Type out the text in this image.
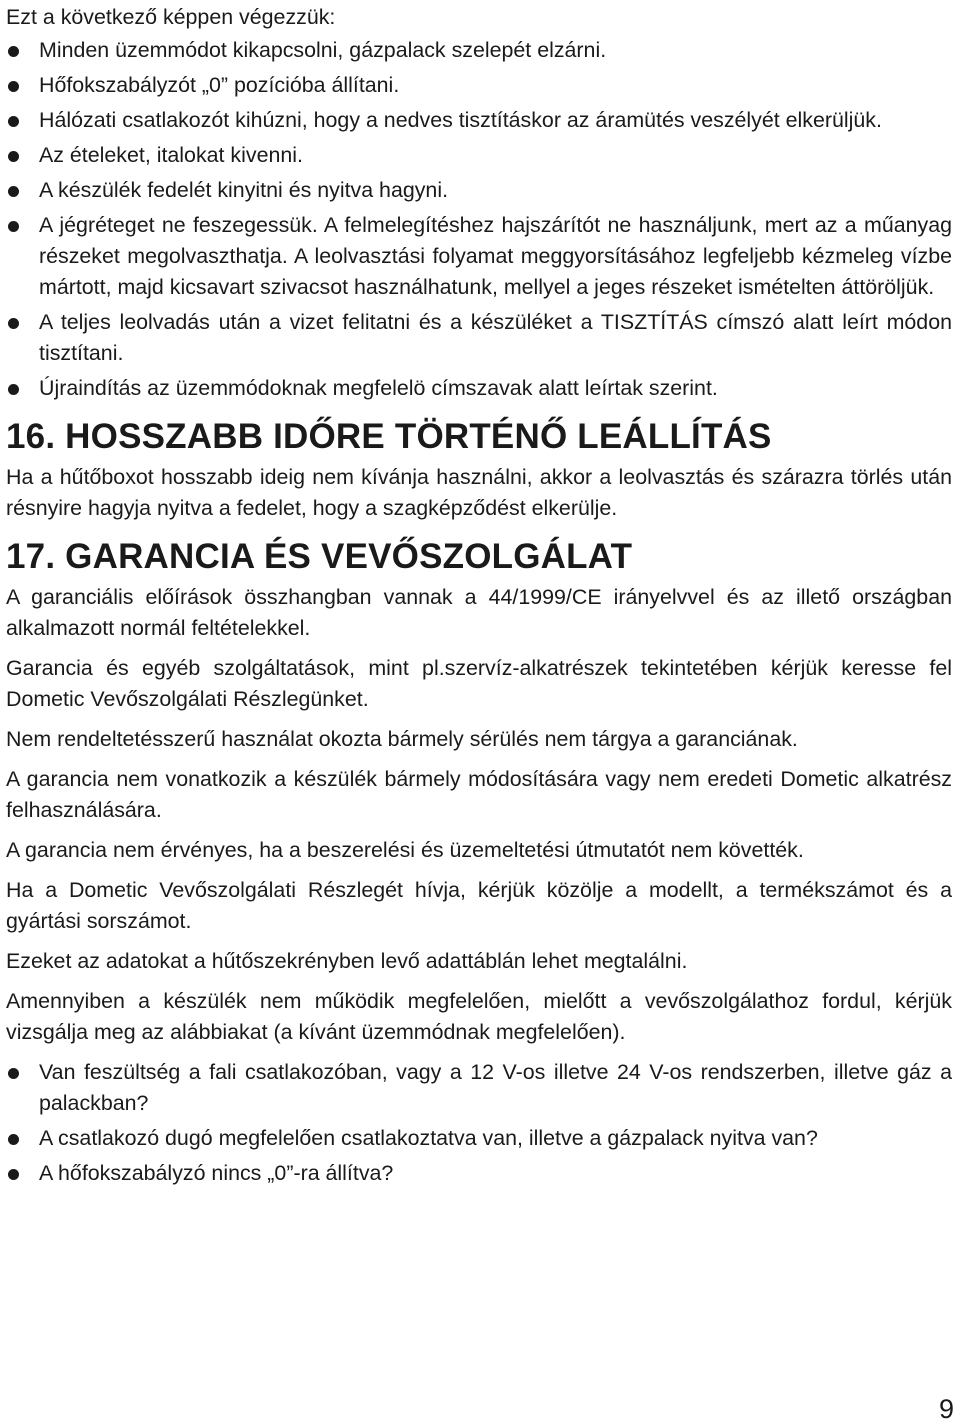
Ezt a következő képpen végezzük:

Minden üzemmódot kikapcsolni, gázpalack szelepét elzárni.
Hőfokszabályzót „0” pozícióba állítani.
Hálózati csatlakozót kihúzni, hogy a nedves tisztításkor az áramütés veszélyét elkerüljük.
Az ételeket, italokat kivenni.
A készülék fedelét kinyitni és nyitva hagyni.
A jégréteget ne feszegessük. A felmelegítéshez hajszárítót ne használjunk, mert az a műanyag részeket megolvaszthatja. A leolvasztási folyamat meggyorsításához legfeljebb kézmeleg vízbe mártott, majd kicsavart szivacsot használhatunk, mellyel a jeges részeket ismételten áttöröljük.
A teljes leolvadás után a vizet felitatni és a készüléket a TISZTÍTÁS címszó alatt leírt módon tisztítani.
Újraindítás az üzemmódoknak megfelelö címszavak alatt leírtak szerint.
16. HOSSZABB IDŐRE TÖRTÉNŐ LEÁLLÍTÁS

Ha a hűtőboxot hosszabb ideig nem kívánja használni, akkor a leolvasztás és szárazra törlés után résnyire hagyja nyitva a fedelet, hogy a szagképződést elkerülje.

17. GARANCIA ÉS VEVŐSZOLGÁLAT

A garanciális előírások összhangban vannak a 44/1999/CE irányelvvel és az illető országban alkalmazott normál feltételekkel.

Garancia és egyéb szolgáltatások, mint pl.szervíz-alkatrészek tekintetében kérjük keresse fel Dometic Vevőszolgálati Részlegünket.

Nem rendeltetésszerű használat okozta bármely sérülés nem tárgya a garanciának.

A garancia nem vonatkozik a készülék bármely módosítására vagy nem eredeti Dometic alkatrész felhasználására.

A garancia nem érvényes, ha a beszerelési és üzemeltetési útmutatót nem követték.

Ha a Dometic Vevőszolgálati Részlegét hívja, kérjük közölje a modellt, a termékszámot és a gyártási sorszámot.

Ezeket az adatokat a hűtőszekrényben levő adattáblán lehet megtalálni.

Amennyiben a készülék nem működik megfelelően, mielőtt a vevőszolgálathoz fordul, kérjük vizsgálja meg az alábbiakat (a kívánt üzemmódnak megfelelően).

Van feszültség a fali csatlakozóban, vagy a 12 V-os illetve 24 V-os rendszerben, illetve gáz a palackban?
A csatlakozó dugó megfelelően csatlakoztatva van, illetve a gázpalack nyitva van?
A hőfokszabályzó nincs „0”-ra állítva?
9
